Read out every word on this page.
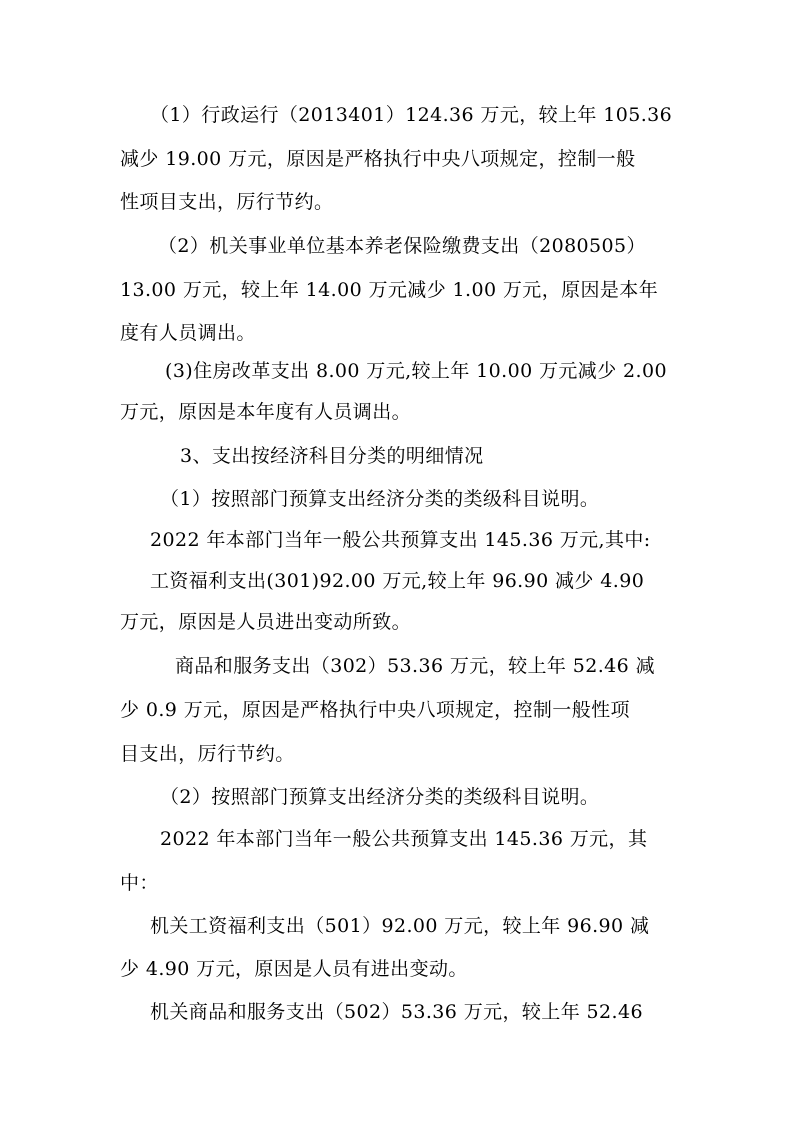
（1）行政运行（2013401）124.36 万元，较上年 105.36
减少 19.00 万元，原因是严格执行中央八项规定，控制一般
性项目支出，厉行节约。
（2）机关事业单位基本养老保险缴费支出（2080505）
13.00 万元，较上年 14.00 万元减少 1.00 万元，原因是本年
度有人员调出。
(3)住房改革支出 8.00 万元,较上年 10.00 万元减少 2.00
万元，原因是本年度有人员调出。
3、支出按经济科目分类的明细情况
（1）按照部门预算支出经济分类的类级科目说明。
2022 年本部门当年一般公共预算支出 145.36 万元,其中:
工资福利支出(301)92.00 万元,较上年 96.90 减少 4.90
万元，原因是人员进出变动所致。
商品和服务支出（302）53.36 万元，较上年 52.46 减
少 0.9 万元，原因是严格执行中央八项规定，控制一般性项
目支出，厉行节约。
（2）按照部门预算支出经济分类的类级科目说明。
2022 年本部门当年一般公共预算支出 145.36 万元，其
中：
机关工资福利支出（501）92.00 万元，较上年 96.90 减
少 4.90 万元，原因是人员有进出变动。
机关商品和服务支出（502）53.36 万元，较上年 52.46
